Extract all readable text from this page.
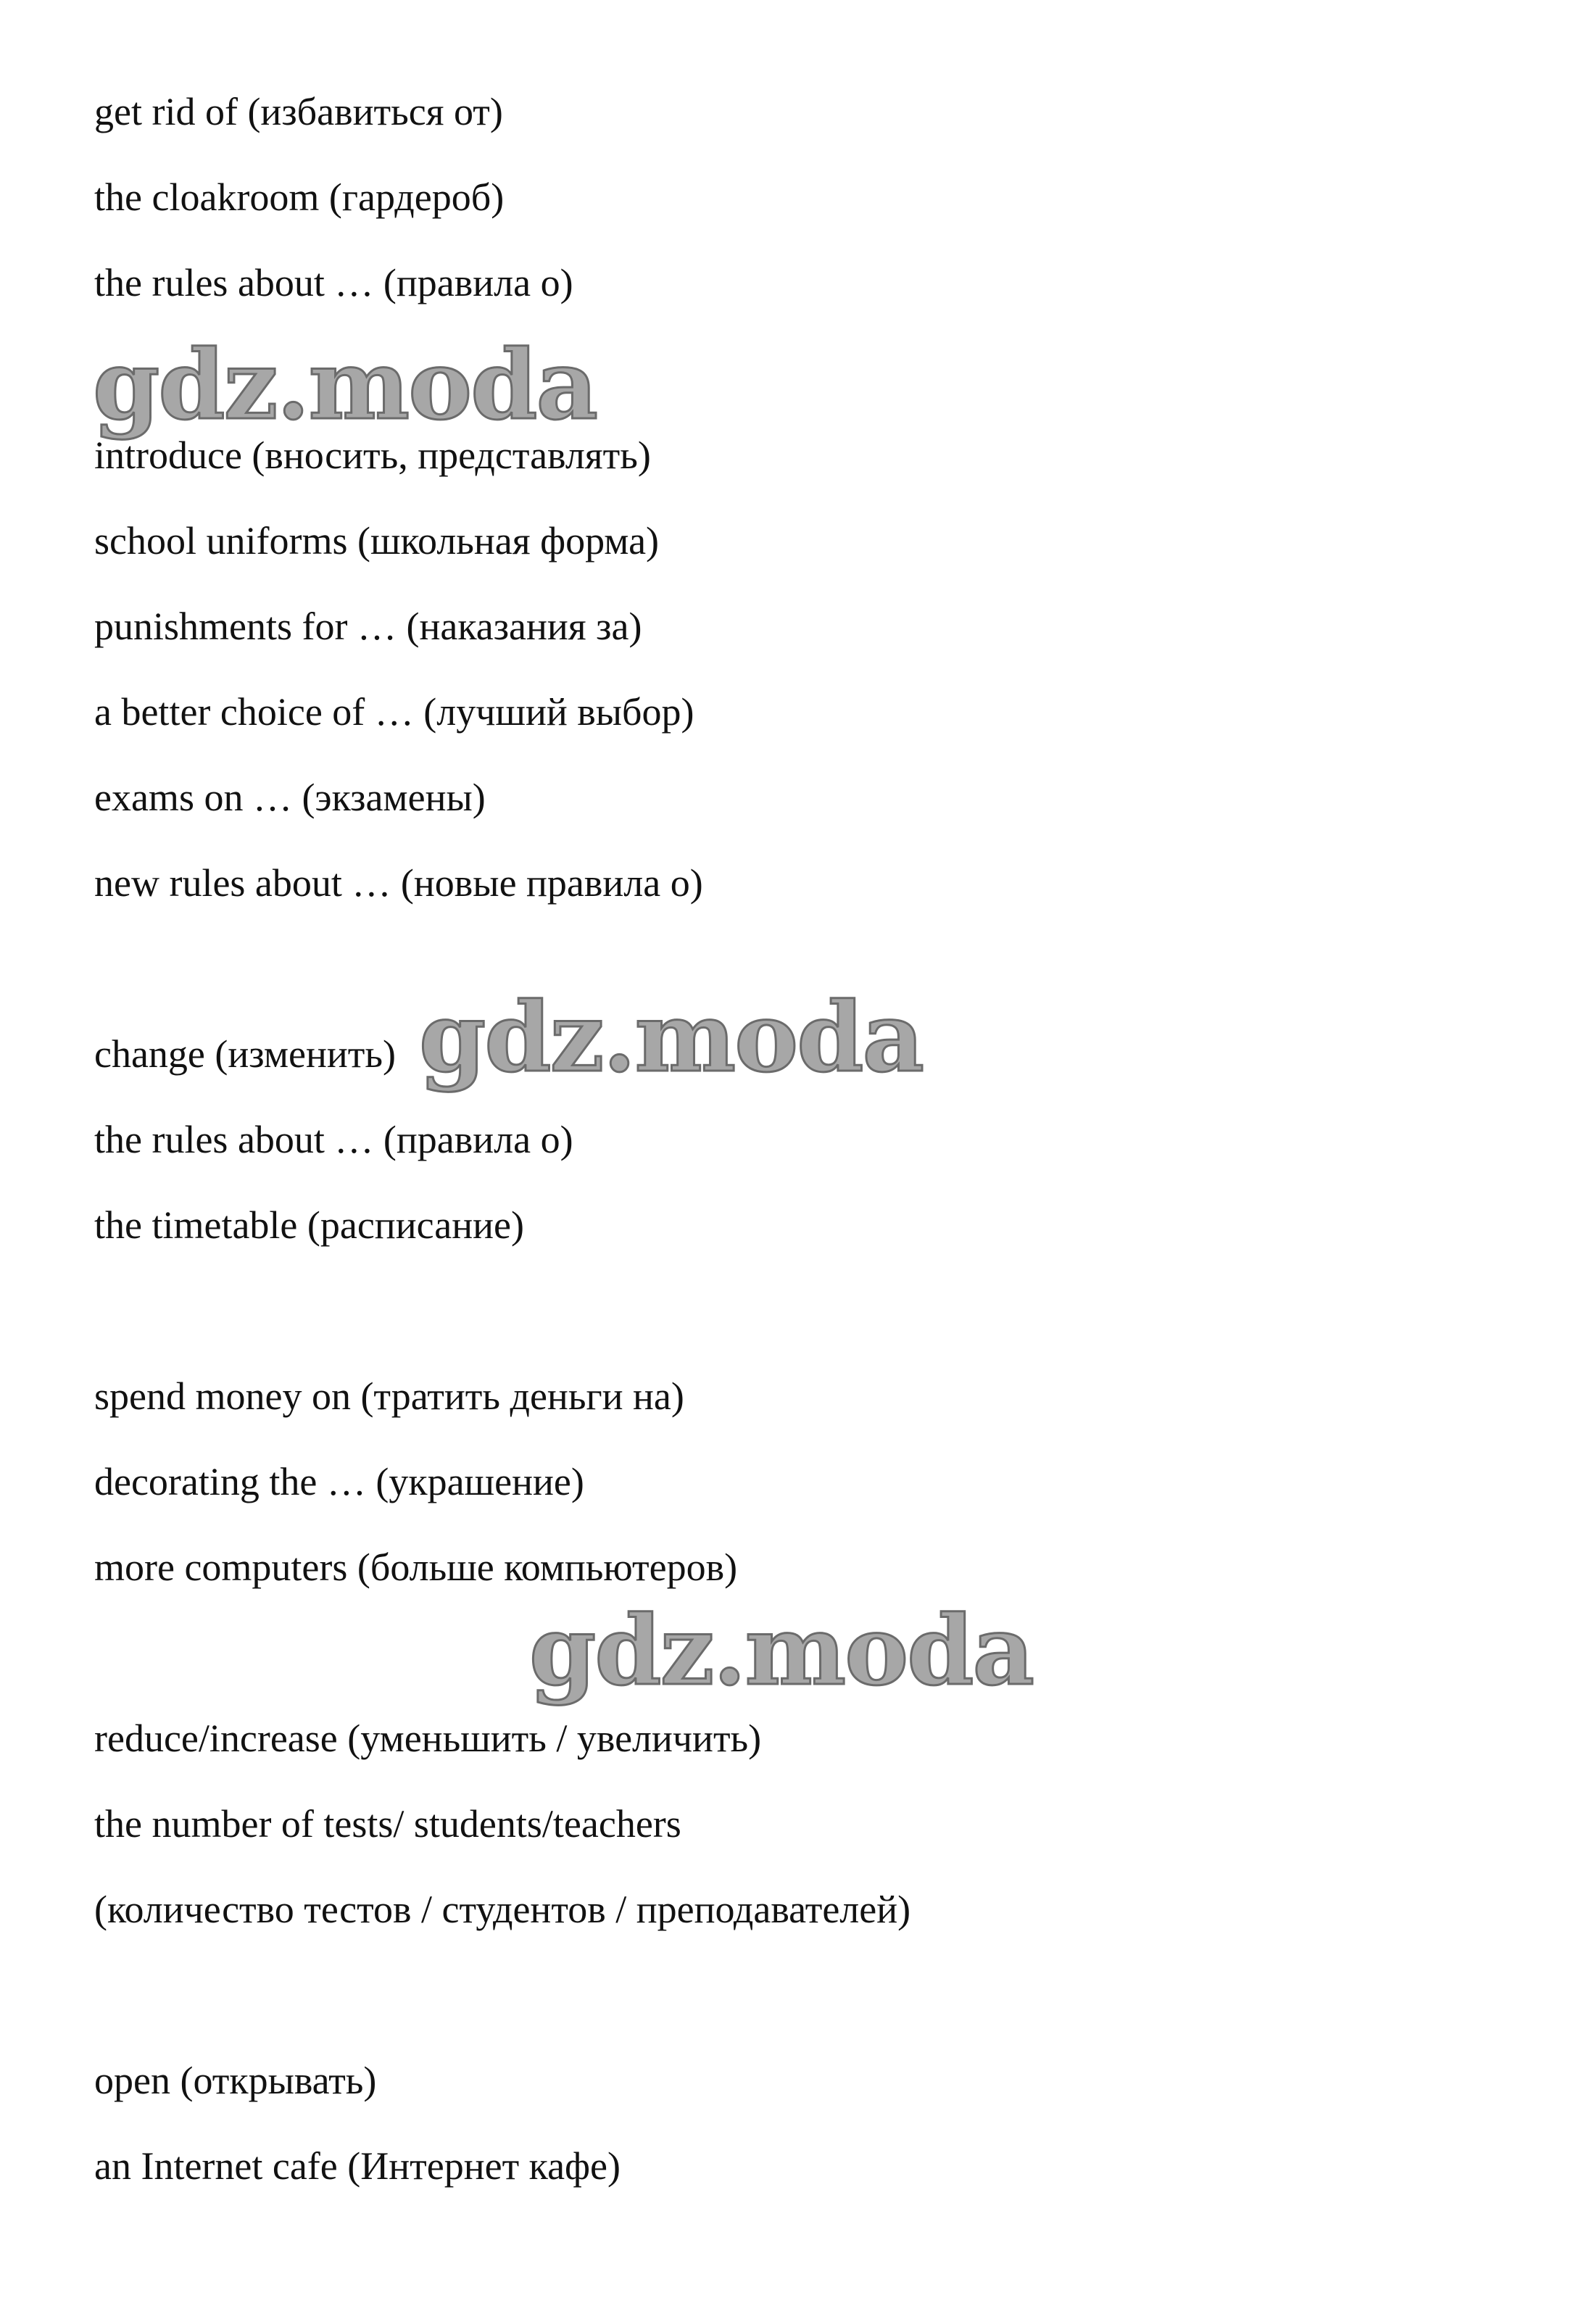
get rid of (избавиться от)
the cloakroom (гардероб)
the rules about … (правила о)
introduce (вносить, представлять)
school uniforms (школьная форма)
punishments for … (наказания за)
a better choice of … (лучший выбор)
exams on … (экзамены)
new rules about … (новые правила о)
change (изменить)
the rules about … (правила о)
the timetable (расписание)
spend money on (тратить деньги на)
decorating the … (украшение)
more computers (больше компьютеров)
reduce/increase (уменьшить / увеличить)
the number of tests/ students/teachers
(количество тестов / студентов / преподавателей)
open (открывать)
an Internet cafe (Интернет кафе)
gdz.moda
gdz.moda
gdz.moda
